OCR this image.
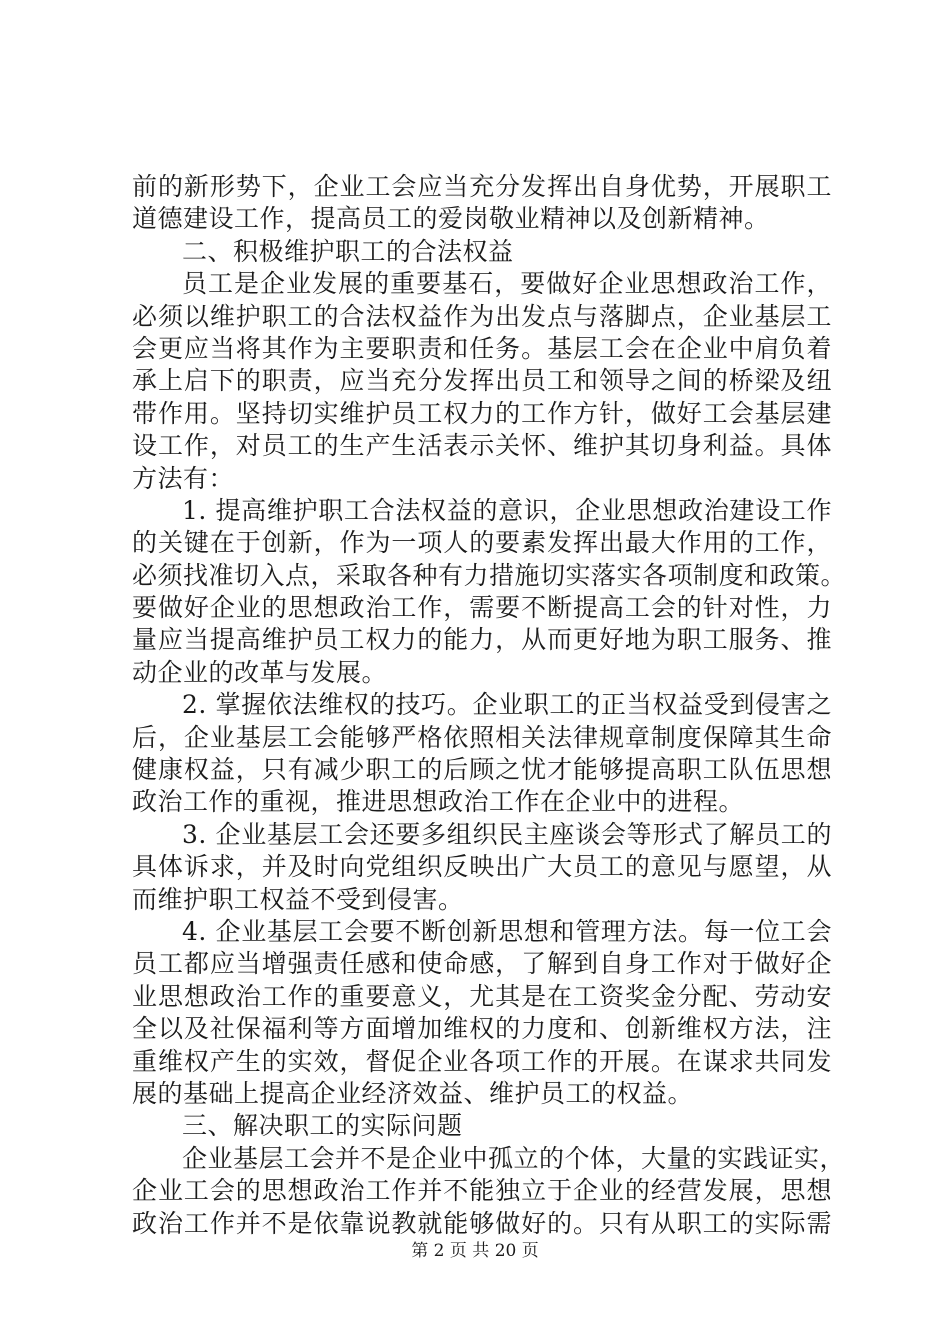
前的新形势下，企业工会应当充分发挥出自身优势，开展职工
道德建设工作，提高员工的爱岗敬业精神以及创新精神。
二、积极维护职工的合法权益
员工是企业发展的重要基石，要做好企业思想政治工作，
必须以维护职工的合法权益作为出发点与落脚点，企业基层工
会更应当将其作为主要职责和任务。基层工会在企业中肩负着
承上启下的职责，应当充分发挥出员工和领导之间的桥梁及纽
带作用。坚持切实维护员工权力的工作方针，做好工会基层建
设工作，对员工的生产生活表示关怀、维护其切身利益。具体
方法有：
1. 提高维护职工合法权益的意识，企业思想政治建设工作
的关键在于创新，作为一项人的要素发挥出最大作用的工作，
必须找准切入点，采取各种有力措施切实落实各项制度和政策。
要做好企业的思想政治工作，需要不断提高工会的针对性，力
量应当提高维护员工权力的能力，从而更好地为职工服务、推
动企业的改革与发展。
2. 掌握依法维权的技巧。企业职工的正当权益受到侵害之
后，企业基层工会能够严格依照相关法律规章制度保障其生命
健康权益，只有减少职工的后顾之忧才能够提高职工队伍思想
政治工作的重视，推进思想政治工作在企业中的进程。
3. 企业基层工会还要多组织民主座谈会等形式了解员工的
具体诉求，并及时向党组织反映出广大员工的意见与愿望，从
而维护职工权益不受到侵害。
4. 企业基层工会要不断创新思想和管理方法。每一位工会
员工都应当增强责任感和使命感，了解到自身工作对于做好企
业思想政治工作的重要意义，尤其是在工资奖金分配、劳动安
全以及社保福利等方面增加维权的力度和、创新维权方法，注
重维权产生的实效，督促企业各项工作的开展。在谋求共同发
展的基础上提高企业经济效益、维护员工的权益。
三、解决职工的实际问题
企业基层工会并不是企业中孤立的个体，大量的实践证实，
企业工会的思想政治工作并不能独立于企业的经营发展，思想
政治工作并不是依靠说教就能够做好的。只有从职工的实际需
第 2 页 共 20 页
